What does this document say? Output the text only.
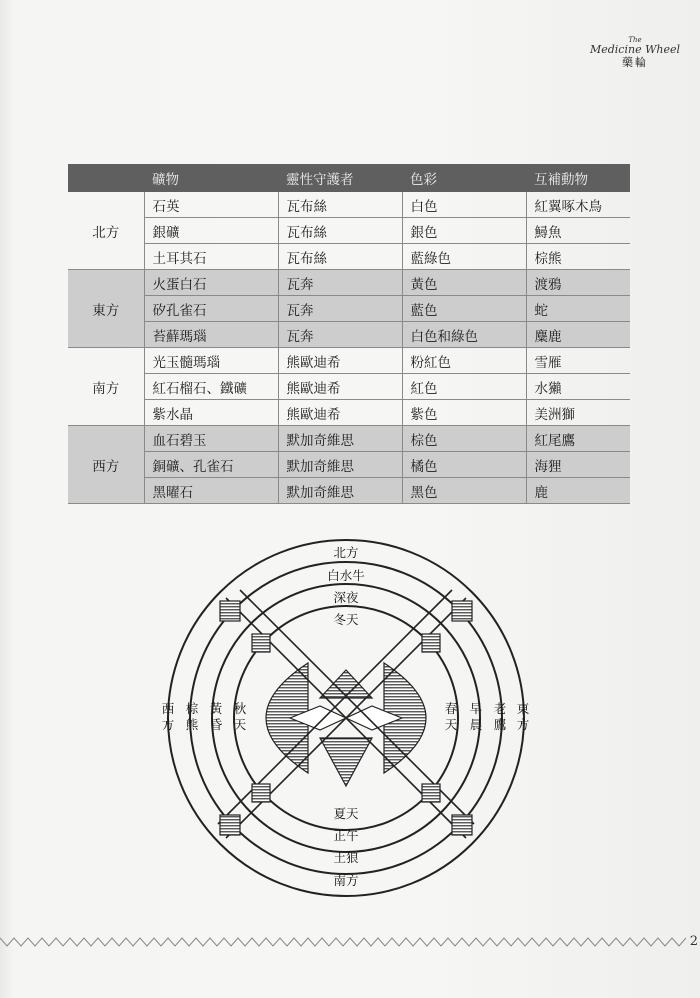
The
Medicine Wheel
藥輪
	礦物	靈性守護者	色彩	互補動物
北方	石英	瓦布絲	白色	紅翼啄木鳥
	銀礦	瓦布絲	銀色	鱘魚
	土耳其石	瓦布絲	藍綠色	棕熊
東方	火蛋白石	瓦奔	黃色	渡鴉
	矽孔雀石	瓦奔	藍色	蛇
	苔蘚瑪瑙	瓦奔	白色和綠色	麋鹿
南方	光玉髓瑪瑙	熊歐迪希	粉紅色	雪雁
	紅石榴石、鐵礦	熊歐迪希	紅色	水獺
	紫水晶	熊歐迪希	紫色	美洲獅
西方	血石碧玉	默加奇維思	棕色	紅尾鷹
	銅礦、孔雀石	默加奇維思	橘色	海狸
	黑曜石	默加奇維思	黑色	鹿
北方
白水牛
深夜
冬天
夏天
正午
土狼
南方
春天
早晨
老鷹
東方
西方
棕熊
黃昏
秋天
2
